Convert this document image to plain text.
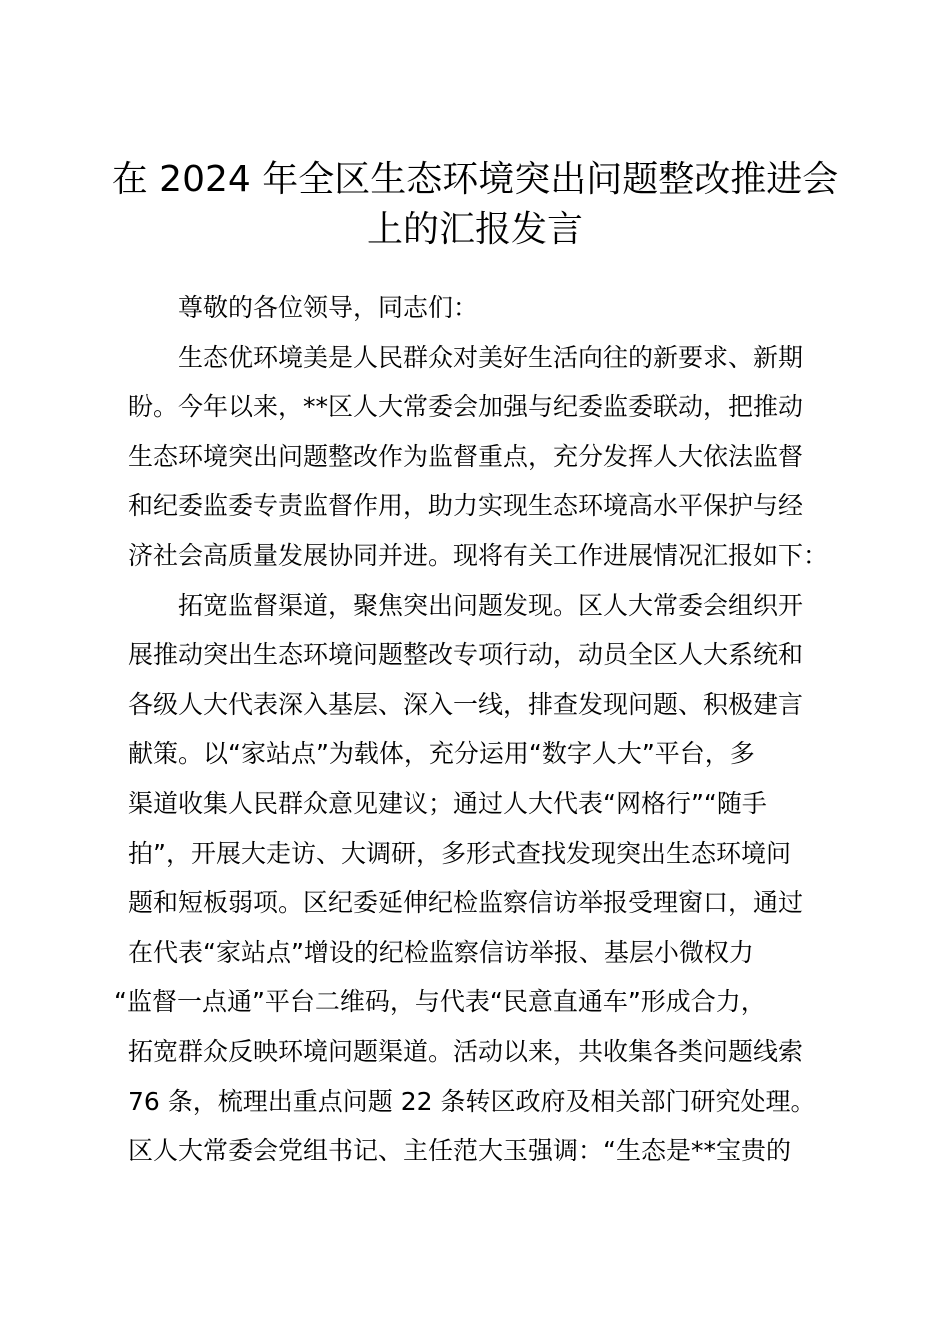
在 2024 年全区生态环境突出问题整改推进会
上的汇报发言
尊敬的各位领导，同志们：
生态优环境美是人民群众对美好生活向往的新要求、新期
盼。今年以来，**区人大常委会加强与纪委监委联动，把推动
生态环境突出问题整改作为监督重点，充分发挥人大依法监督
和纪委监委专责监督作用，助力实现生态环境高水平保护与经
济社会高质量发展协同并进。现将有关工作进展情况汇报如下：
拓宽监督渠道，聚焦突出问题发现。区人大常委会组织开
展推动突出生态环境问题整改专项行动，动员全区人大系统和
各级人大代表深入基层、深入一线，排查发现问题、积极建言
献策。以“家站点”为载体，充分运用“数字人大”平台，多
渠道收集人民群众意见建议；通过人大代表“网格行”“随手
拍”，开展大走访、大调研，多形式查找发现突出生态环境问
题和短板弱项。区纪委延伸纪检监察信访举报受理窗口，通过
在代表“家站点”增设的纪检监察信访举报、基层小微权力
“监督一点通”平台二维码，与代表“民意直通车”形成合力，
拓宽群众反映环境问题渠道。活动以来，共收集各类问题线索
76 条，梳理出重点问题 22 条转区政府及相关部门研究处理。
区人大常委会党组书记、主任范大玉强调：“生态是**宝贵的
